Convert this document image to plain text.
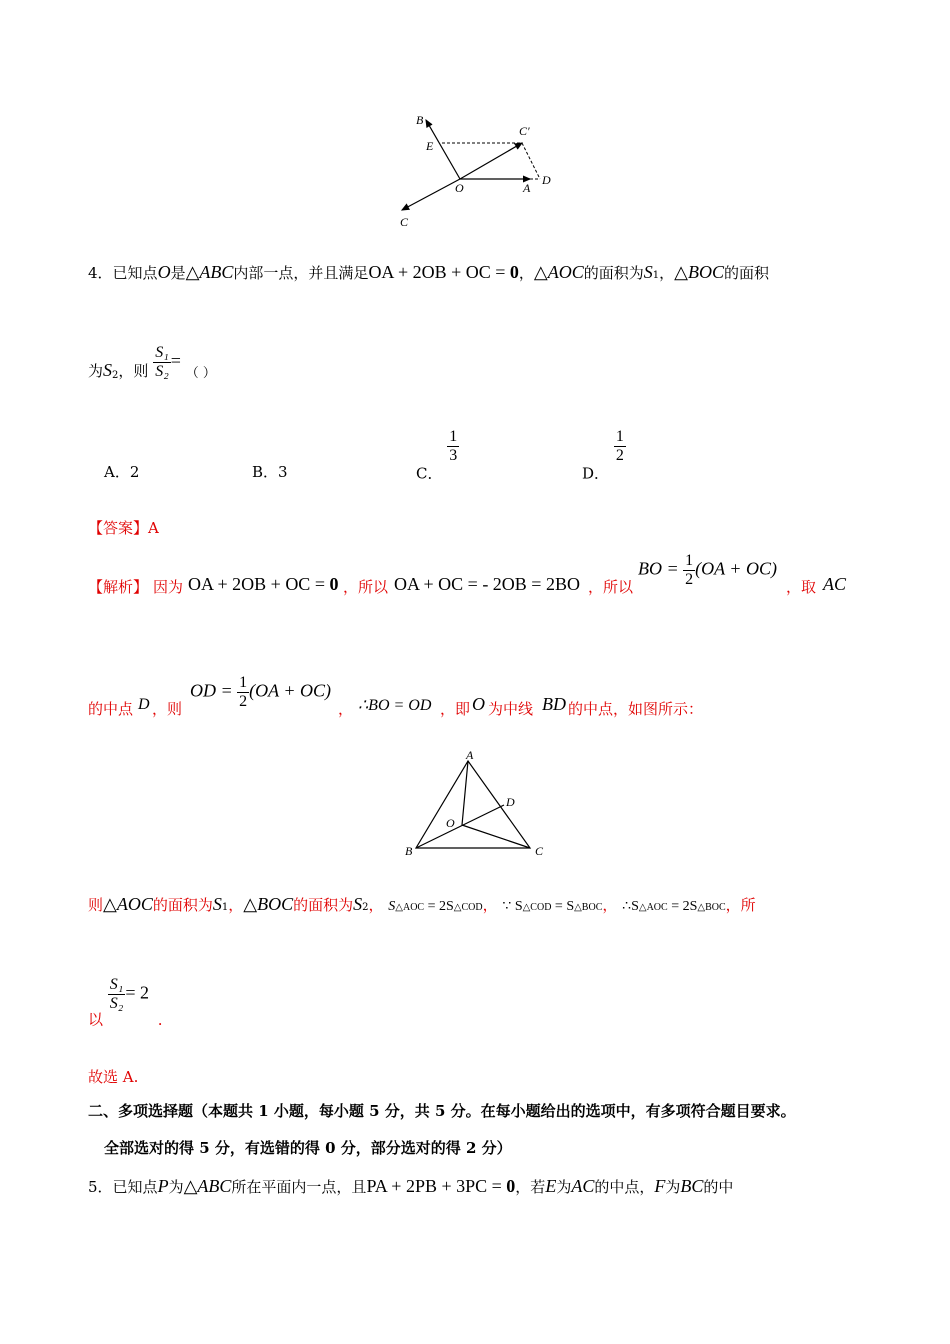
B
C′
E
O	A
D
C
4．已知点O是△ABC内部一点，并且满足OA + 2OB + OC = 0，△AOC的面积为S1，△BOC的面积
为S2，则 $\frac{\text{S₁}}{\text{S₂}}$ = （ ）
A．2	B．3	C．
$\frac{1}{3}$
D．
$\frac{1}{2}$
【答案】A
【解析】 因为 OA + 2OB + OC = 0 ，所以 OA + OC = - 2OB = 2BO ，所以
BO = $\frac{1}{2} (OA + OC)$
，取 AC
的中点 D ，则
OD = $\frac{1}{2} (OA + OC)$
， ∴BO = OD ，即 O 为中线 BD 的中点，如图所示：
A
D
O
B	C
则△AOC的面积为S1，△BOC的面积为S2， S△AOC = 2S△COD， ∵ S△COD = S△BOC， ∴S△AOC = 2S△BOC，所
以
$\frac{\text{S₁}}{\text{S₂}} = 2$ .
故选 A.
二、多项选择题（本题共 1 小题，每小题 5 分，共 5 分。在每小题给出的选项中，有多项符合题目要求。
全部选对的得 5 分，有选错的得 0 分，部分选对的得 2 分）
5．已知点P为△ABC所在平面内一点，且PA + 2PB + 3PC = 0，若E为AC的中点，F为BC的中
